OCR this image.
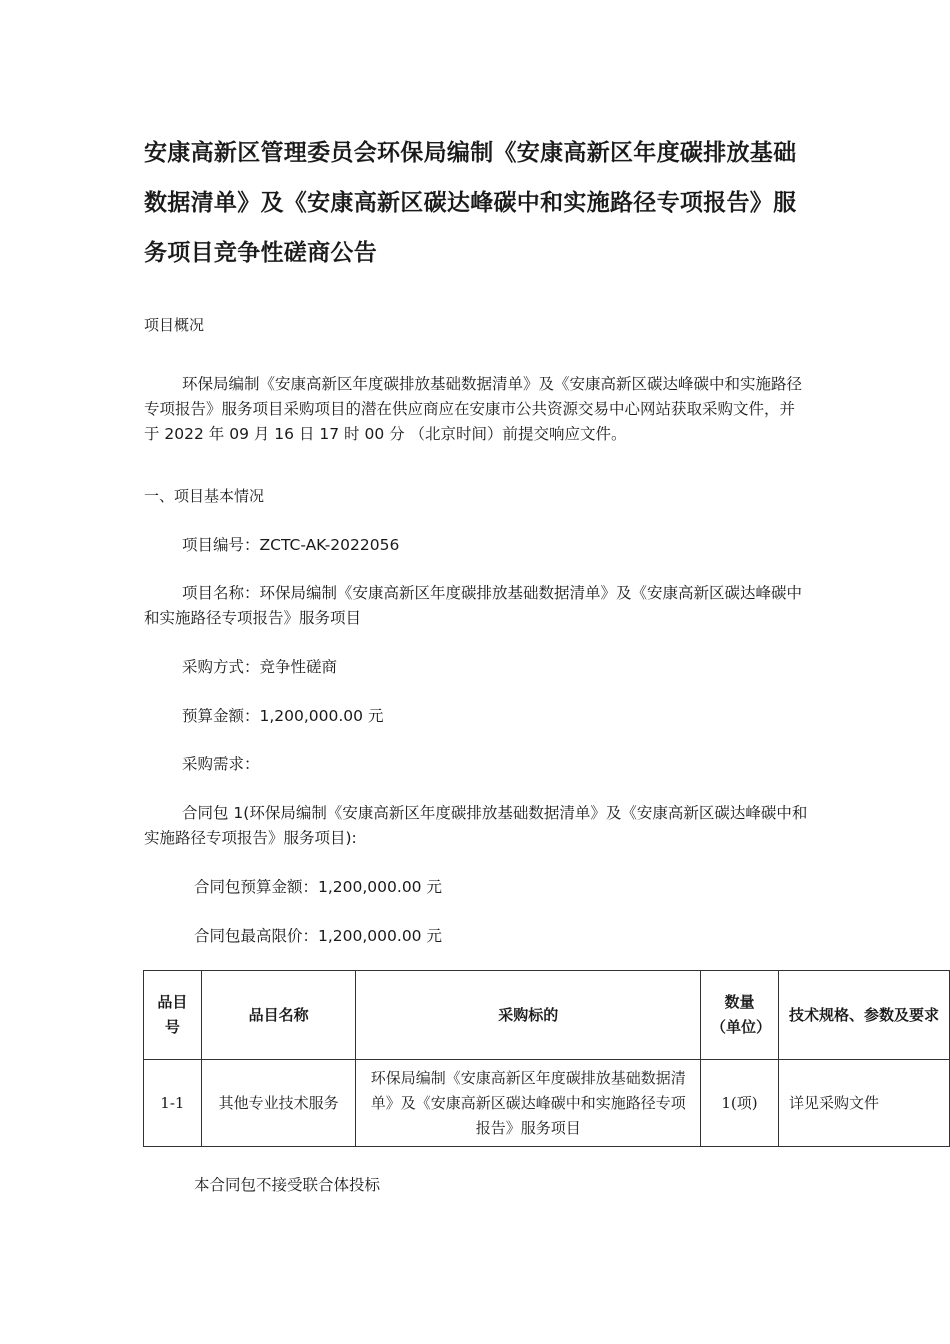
安康高新区管理委员会环保局编制《安康高新区年度碳排放基础数据清单》及《安康高新区碳达峰碳中和实施路径专项报告》服务项目竞争性磋商公告

项目概况

环保局编制《安康高新区年度碳排放基础数据清单》及《安康高新区碳达峰碳中和实施路径专项报告》服务项目采购项目的潜在供应商应在安康市公共资源交易中心网站获取采购文件，并于 2022 年 09 月 16 日 17 时 00 分 （北京时间）前提交响应文件。

一、项目基本情况

项目编号：ZCTC-AK-2022056

项目名称：环保局编制《安康高新区年度碳排放基础数据清单》及《安康高新区碳达峰碳中和实施路径专项报告》服务项目

采购方式：竞争性磋商

预算金额：1,200,000.00 元

采购需求：

合同包 1(环保局编制《安康高新区年度碳排放基础数据清单》及《安康高新区碳达峰碳中和实施路径专项报告》服务项目):

合同包预算金额：1,200,000.00 元

合同包最高限价：1,200,000.00 元

品目号	品目名称	采购标的	数量（单位）	技术规格、参数及要求
1-1	其他专业技术服务	环保局编制《安康高新区年度碳排放基础数据清单》及《安康高新区碳达峰碳中和实施路径专项报告》服务项目	1(项)	详见采购文件

本合同包不接受联合体投标
